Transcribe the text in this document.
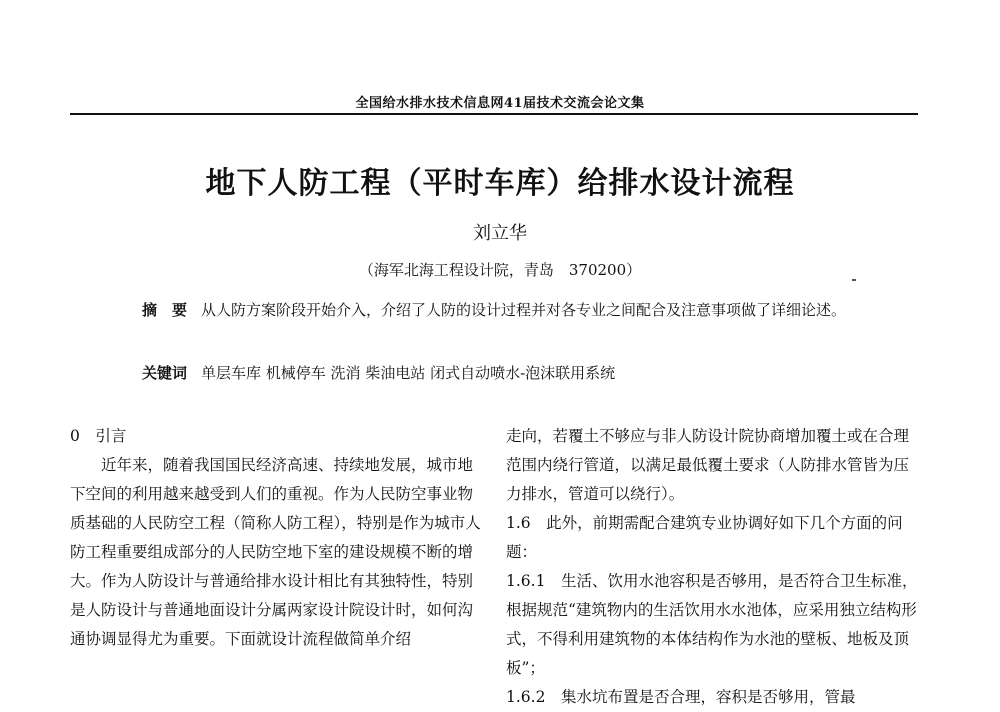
全国给水排水技术信息网41届技术交流会论文集
地下人防工程（平时车库）给排水设计流程
刘立华
（海军北海工程设计院，青岛　370200）
摘　要 从人防方案阶段开始介入，介绍了人防的设计过程并对各专业之间配合及注意事项做了详细论述。
关键词 单层车库 机械停车 洗消 柴油电站 闭式自动喷水-泡沫联用系统

0　引言

近年来，随着我国国民经济高速、持续地发展，城市地下空间的利用越来越受到人们的重视。作为人民防空事业物质基础的人民防空工程（简称人防工程），特别是作为城市人防工程重要组成部分的人民防空地下室的建设规模不断的增大。作为人防设计与普通给排水设计相比有其独特性，特别是人防设计与普通地面设计分属两家设计院设计时，如何沟通协调显得尤为重要。下面就设计流程做简单介绍

走向，若覆土不够应与非人防设计院协商增加覆土或在合理范围内绕行管道，以满足最低覆土要求（人防排水管皆为压力排水，管道可以绕行）。

1.6　此外，前期需配合建筑专业协调好如下几个方面的问题：

1.6.1　生活、饮用水池容积是否够用，是否符合卫生标准，根据规范“建筑物内的生活饮用水水池体，应采用独立结构形式，不得利用建筑物的本体结构作为水池的壁板、地板及顶板”；

1.6.2　集水坑布置是否合理，容积是否够用，管最
